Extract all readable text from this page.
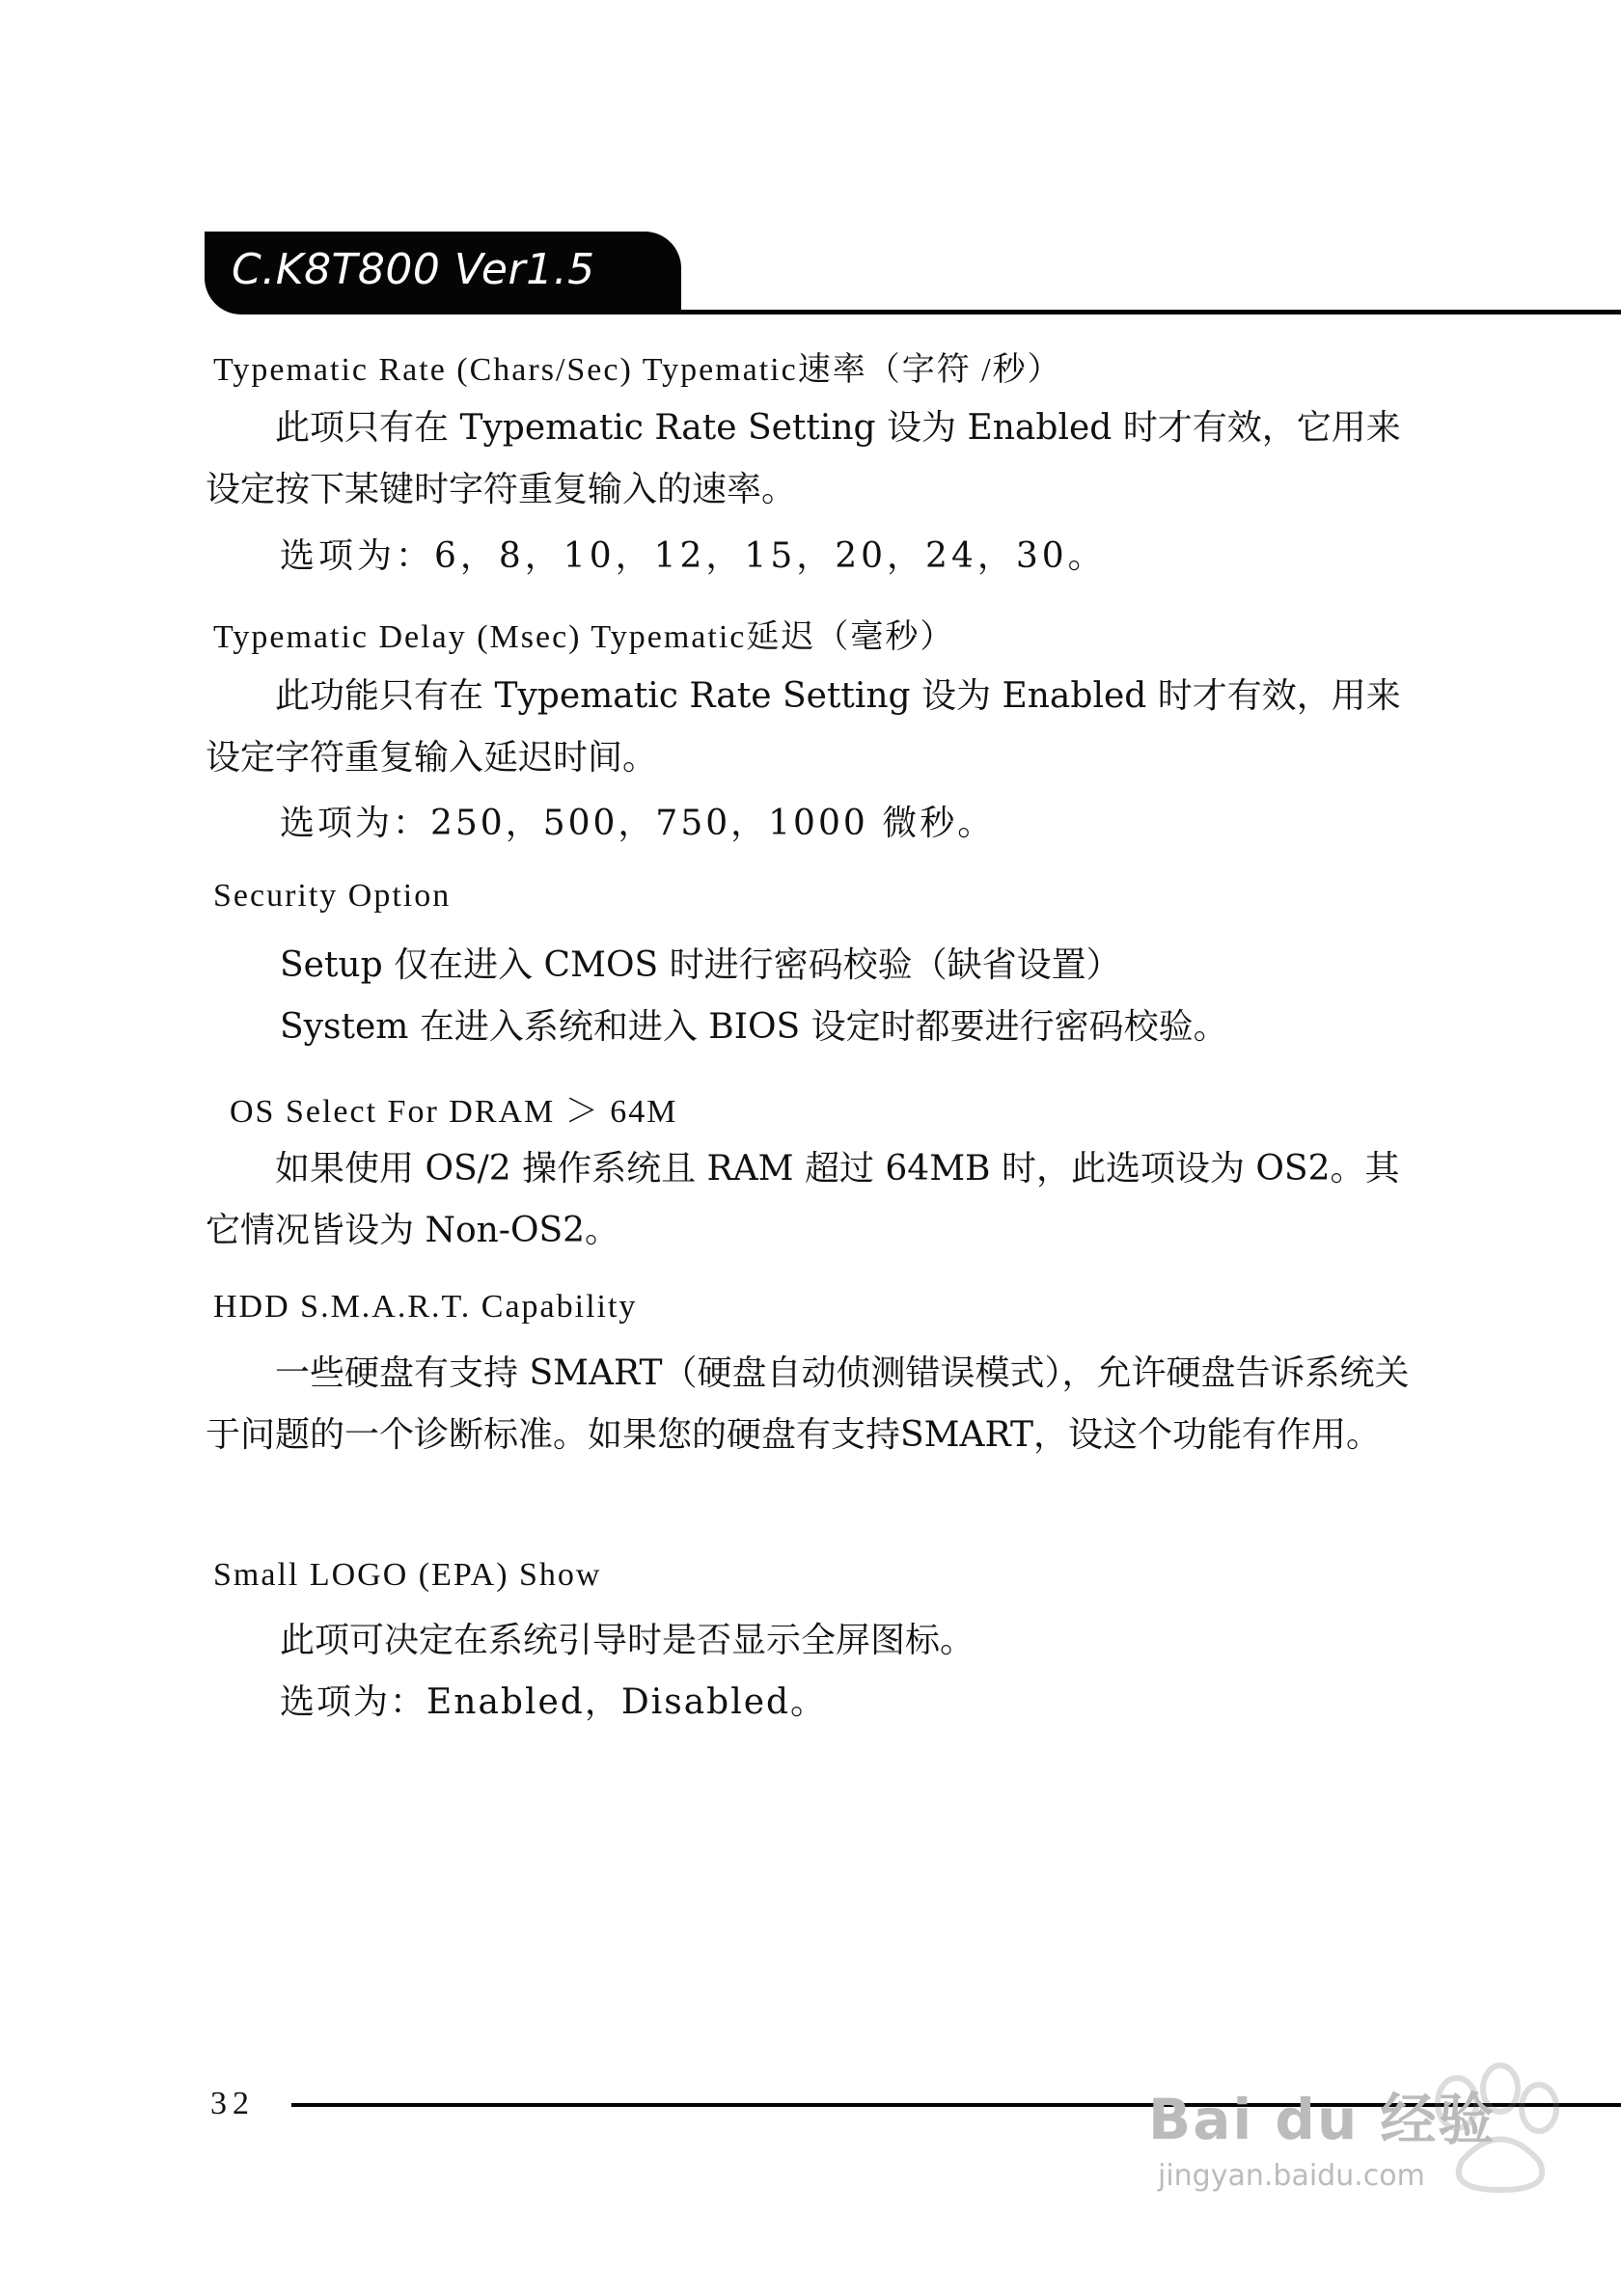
C.K8T800 Ver1.5
Typematic Rate (Chars/Sec) Typematic速率（字符 /秒）
此项只有在 Typematic Rate Setting 设为 Enabled 时才有效，它用来设定按下某键时字符重复输入的速率。
选项为：6，8，10，12，15，20，24，30。
Typematic Delay (Msec) Typematic延迟（毫秒）
此功能只有在 Typematic Rate Setting 设为 Enabled 时才有效，用来设定字符重复输入延迟时间。
选项为：250，500，750，1000 微秒。
Security Option
Setup 仅在进入 CMOS 时进行密码校验（缺省设置）
System 在进入系统和进入 BIOS 设定时都要进行密码校验。
OS Select For DRAM ＞ 64M
如果使用 OS/2 操作系统且 RAM 超过 64MB 时，此选项设为 OS2。其它情况皆设为 Non-OS2。
HDD S.M.A.R.T. Capability
一些硬盘有支持 SMART（硬盘自动侦测错误模式），允许硬盘告诉系统关于问题的一个诊断标准。如果您的硬盘有支持SMART，设这个功能有作用。
Small LOGO (EPA) Show
此项可决定在系统引导时是否显示全屏图标。
选项为：Enabled，Disabled。
32	Bai du 经验
jingyan.baidu.com
